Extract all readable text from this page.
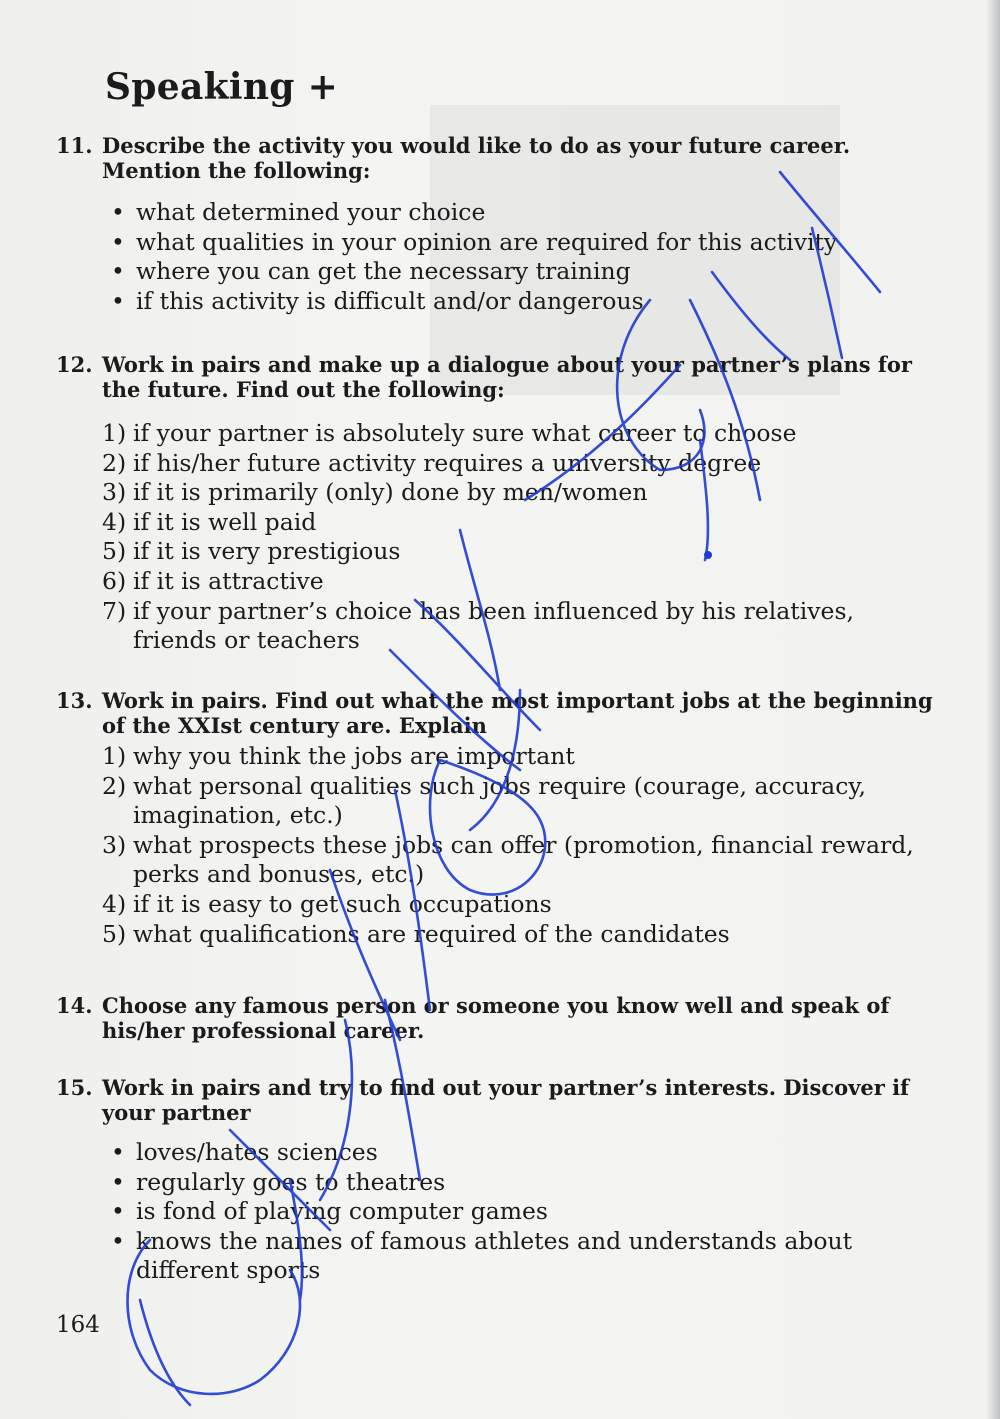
Speaking +
11. Describe the activity you would like to do as your future career. Mention the following:
• what determined your choice
• what qualities in your opinion are required for this activity
• where you can get the necessary training
• if this activity is difficult and/or dangerous
12. Work in pairs and make up a dialogue about your partner’s plans for the future. Find out the following:
1) if your partner is absolutely sure what career to choose
2) if his/her future activity requires a university degree
3) if it is primarily (only) done by men/women
4) if it is well paid
5) if it is very prestigious
6) if it is attractive
7) if your partner’s choice has been influenced by his relatives, friends or teachers
13. Work in pairs. Find out what the most important jobs at the beginning of the XXIst century are. Explain
1) why you think the jobs are important
2) what personal qualities such jobs require (courage, accuracy, imagination, etc.)
3) what prospects these jobs can offer (promotion, financial reward, perks and bonuses, etc.)
4) if it is easy to get such occupations
5) what qualifications are required of the candidates
14. Choose any famous person or someone you know well and speak of his/her professional career.
15. Work in pairs and try to find out your partner’s interests. Discover if your partner
• loves/hates sciences
• regularly goes to theatres
• is fond of playing computer games
• knows the names of famous athletes and understands about different sports
164
